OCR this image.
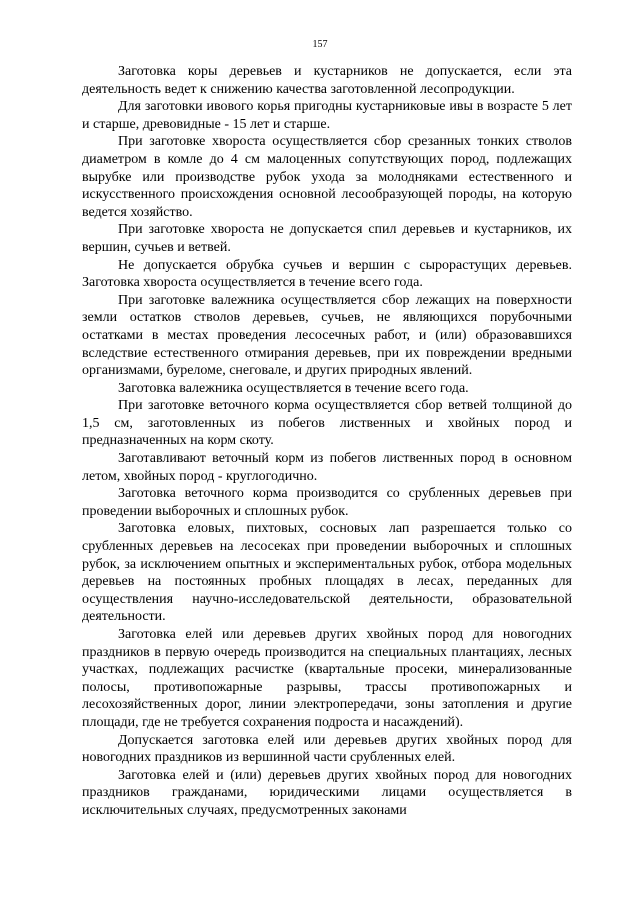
157

Заготовка коры деревьев и кустарников не допускается, если эта деятельность ведет к снижению качества заготовленной лесопродукции.

Для заготовки ивового корья пригодны кустарниковые ивы в возрасте 5 лет и старше, древовидные - 15 лет и старше.

При заготовке хвороста осуществляется сбор срезанных тонких стволов диаметром в комле до 4 см малоценных сопутствующих пород, подлежащих вырубке или производстве рубок ухода за молодняками естественного и искусственного происхождения основной лесообразующей породы, на которую ведется хозяйство.

При заготовке хвороста не допускается спил деревьев и кустарников, их вершин, сучьев и ветвей.

Не допускается обрубка сучьев и вершин с сырорастущих деревьев. Заготовка хвороста осуществляется в течение всего года.

При заготовке валежника осуществляется сбор лежащих на поверхности земли остатков стволов деревьев, сучьев, не являющихся порубочными остатками в местах проведения лесосечных работ, и (или) образовавшихся вследствие естественного отмирания деревьев, при их повреждении вредными организмами, буреломе, снеговале, и других природных явлений.

Заготовка валежника осуществляется в течение всего года.

При заготовке веточного корма осуществляется сбор ветвей толщиной до 1,5 см, заготовленных из побегов лиственных и хвойных пород и предназначенных на корм скоту.

Заготавливают веточный корм из побегов лиственных пород в основном летом, хвойных пород - круглогодично.

Заготовка веточного корма производится со срубленных деревьев при проведении выборочных и сплошных рубок.

Заготовка еловых, пихтовых, сосновых лап разрешается только со срубленных деревьев на лесосеках при проведении выборочных и сплошных рубок, за исключением опытных и экспериментальных рубок, отбора модельных деревьев на постоянных пробных площадях в лесах, переданных для осуществления научно-исследовательской деятельности, образовательной деятельности.

Заготовка елей или деревьев других хвойных пород для новогодних праздников в первую очередь производится на специальных плантациях, лесных участках, подлежащих расчистке (квартальные просеки, минерализованные полосы, противопожарные разрывы, трассы противопожарных и лесохозяйственных дорог, линии электропередачи, зоны затопления и другие площади, где не требуется сохранения подроста и насаждений).

Допускается заготовка елей или деревьев других хвойных пород для новогодних праздников из вершинной части срубленных елей.

Заготовка елей и (или) деревьев других хвойных пород для новогодних праздников гражданами, юридическими лицами осуществляется в исключительных случаях, предусмотренных законами
